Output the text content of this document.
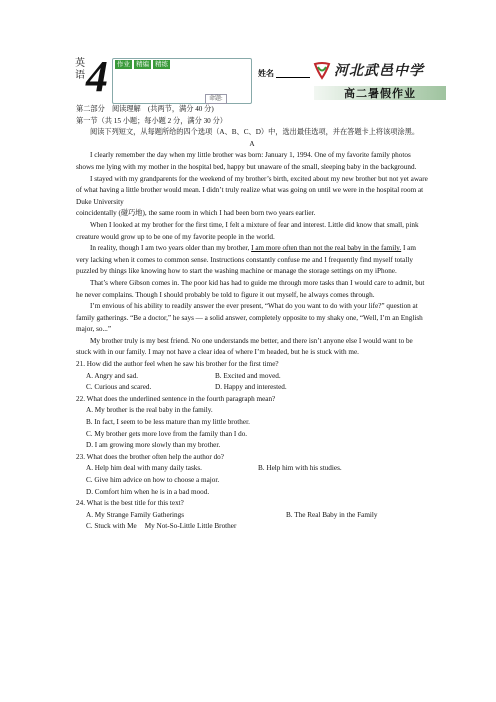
英语 4	作业 精编 精练
命题:
姓名	河北武邑中学
高二暑假作业

第二部分　阅读理解　(共两节，满分 40 分)

第一节（共 15 小题；每小题 2 分，满分 30 分）

阅读下列短文，从每题所给的四个选项（A、B、C、D）中，选出最佳选项，并在答题卡上将该项涂黑。

A

I clearly remember the day when my little brother was born: January 1, 1994. One of my favorite family photos shows me lying with my mother in the hospital bed, happy but unaware of the small, sleeping baby in the background.

I stayed with my grandparents for the weekend of my brother’s birth, excited about my new brother but not yet aware of what having a little brother would mean. I didn’t truly realize what was going on until we were in the hospital room at Duke University

coincidentally (碰巧地), the same room in which I had been born two years earlier.

When I looked at my brother for the first time, I felt a mixture of fear and interest. Little did know that small, pink creature would grow up to be one of my favorite people in the world.

In reality, though I am two years older than my brother, I am more often than not the real baby in the family. I am very lacking when it comes to common sense. Instructions constantly confuse me and I frequently find myself totally puzzled by things like knowing how to start the washing machine or manage the storage settings on my iPhone.

That’s where Gibson comes in. The poor kid has had to guide me through more tasks than I would care to admit, but he never complains. Though I should probably be told to figure it out myself, he always comes through.

I’m envious of his ability to readily answer the ever present, “What do you want to do with your life?” question at family gatherings. “Be a doctor,” he says — a solid answer, completely opposite to my shaky one, “Well, I’m an English major, so...”

My brother truly is my best friend. No one understands me better, and there isn’t anyone else I would want to be stuck with in our family. I may not have a clear idea of where I’m headed, but he is stuck with me.

21. How did the author feel when he saw his brother for the first time?

A. Angry and sad.	B. Excited and moved.
C. Curious and scared.	D. Happy and interested.

22. What does the underlined sentence in the fourth paragraph mean?

A. My brother is the real baby in the family.

B. In fact, I seem to be less mature than my little brother.

C. My brother gets more love from the family than I do.

D. I am growing more slowly than my brother.

23. What does the brother often help the author do?

A. Help him deal with many daily tasks.	B. Help him with his studies.

C. Give him advice on how to choose a major.

D. Comfort him when he is in a bad mood.

24. What is the best title for this text?

A. My Strange Family Gatherings	B. The Real Baby in the Family
C. Stuck with Me My Not-So-Little Little Brother
